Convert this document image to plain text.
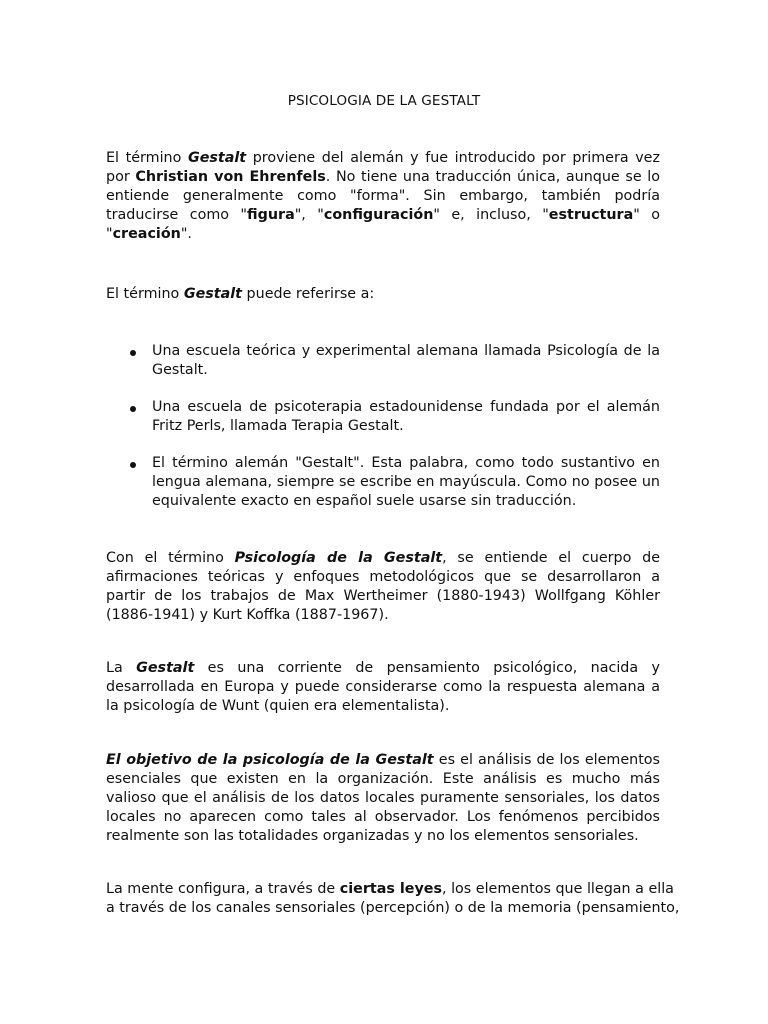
PSICOLOGIA DE LA GESTALT

El término Gestalt proviene del alemán y fue introducido por primera vez por Christian von Ehrenfels. No tiene una traducción única, aunque se lo entiende generalmente como "forma". Sin embargo, también podría traducirse como "figura", "configuración" e, incluso, "estructura" o "creación".

El término Gestalt puede referirse a:

Una escuela teórica y experimental alemana llamada Psicología de la Gestalt.
Una escuela de psicoterapia estadounidense fundada por el alemán Fritz Perls, llamada Terapia Gestalt.
El término alemán "Gestalt". Esta palabra, como todo sustantivo en lengua alemana, siempre se escribe en mayúscula. Como no posee un equivalente exacto en español suele usarse sin traducción.

Con el término Psicología de la Gestalt, se entiende el cuerpo de afirmaciones teóricas y enfoques metodológicos que se desarrollaron a partir de los trabajos de Max Wertheimer (1880-1943) Wollfgang Köhler (1886-1941) y Kurt Koffka (1887-1967).

La Gestalt es una corriente de pensamiento psicológico, nacida y desarrollada en Europa y puede considerarse como la respuesta alemana a la psicología de Wunt (quien era elementalista).

El objetivo de la psicología de la Gestalt es el análisis de los elementos esenciales que existen en la organización. Este análisis es mucho más valioso que el análisis de los datos locales puramente sensoriales, los datos locales no aparecen como tales al observador. Los fenómenos percibidos realmente son las totalidades organizadas y no los elementos sensoriales.

La mente configura, a través de ciertas leyes, los elementos que llegan a ella
a través de los canales sensoriales (percepción) o de la memoria (pensamiento,
